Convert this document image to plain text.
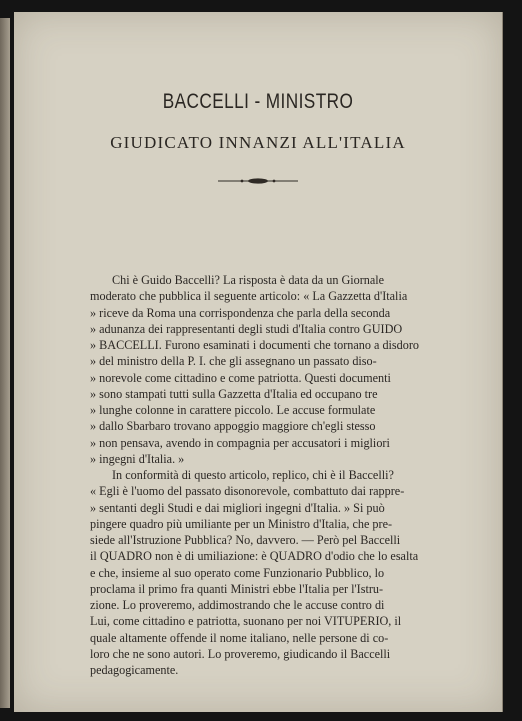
BACCELLI - MINISTRO
GIUDICATO INNANZI ALL'ITALIA
Chi è Guido Baccelli? La risposta è data da un Giornale
moderato che pubblica il seguente articolo: « La Gazzetta d'Italia
» riceve da Roma una corrispondenza che parla della seconda
» adunanza dei rappresentanti degli studi d'Italia contro GUIDO
» BACCELLI. Furono esaminati i documenti che tornano a disdoro
» del ministro della P. I. che gli assegnano un passato diso-
» norevole come cittadino e come patriotta. Questi documenti
» sono stampati tutti sulla Gazzetta d'Italia ed occupano tre
» lunghe colonne in carattere piccolo. Le accuse formulate
» dallo Sbarbaro trovano appoggio maggiore ch'egli stesso
» non pensava, avendo in compagnia per accusatori i migliori
» ingegni d'Italia. »
In conformità di questo articolo, replico, chi è il Baccelli?
« Egli è l'uomo del passato disonorevole, combattuto dai rappre-
» sentanti degli Studi e dai migliori ingegni d'Italia. » Si può
pingere quadro più umiliante per un Ministro d'Italia, che pre-
siede all'Istruzione Pubblica? No, davvero. — Però pel Baccelli
il QUADRO non è di umiliazione: è QUADRO d'odio che lo esalta
e che, insieme al suo operato come Funzionario Pubblico, lo
proclama il primo fra quanti Ministri ebbe l'Italia per l'Istru-
zione. Lo proveremo, addimostrando che le accuse contro di
Lui, come cittadino e patriotta, suonano per noi VITUPERIO, il
quale altamente offende il nome italiano, nelle persone di co-
loro che ne sono autori. Lo proveremo, giudicando il Baccelli
pedagogicamente.
